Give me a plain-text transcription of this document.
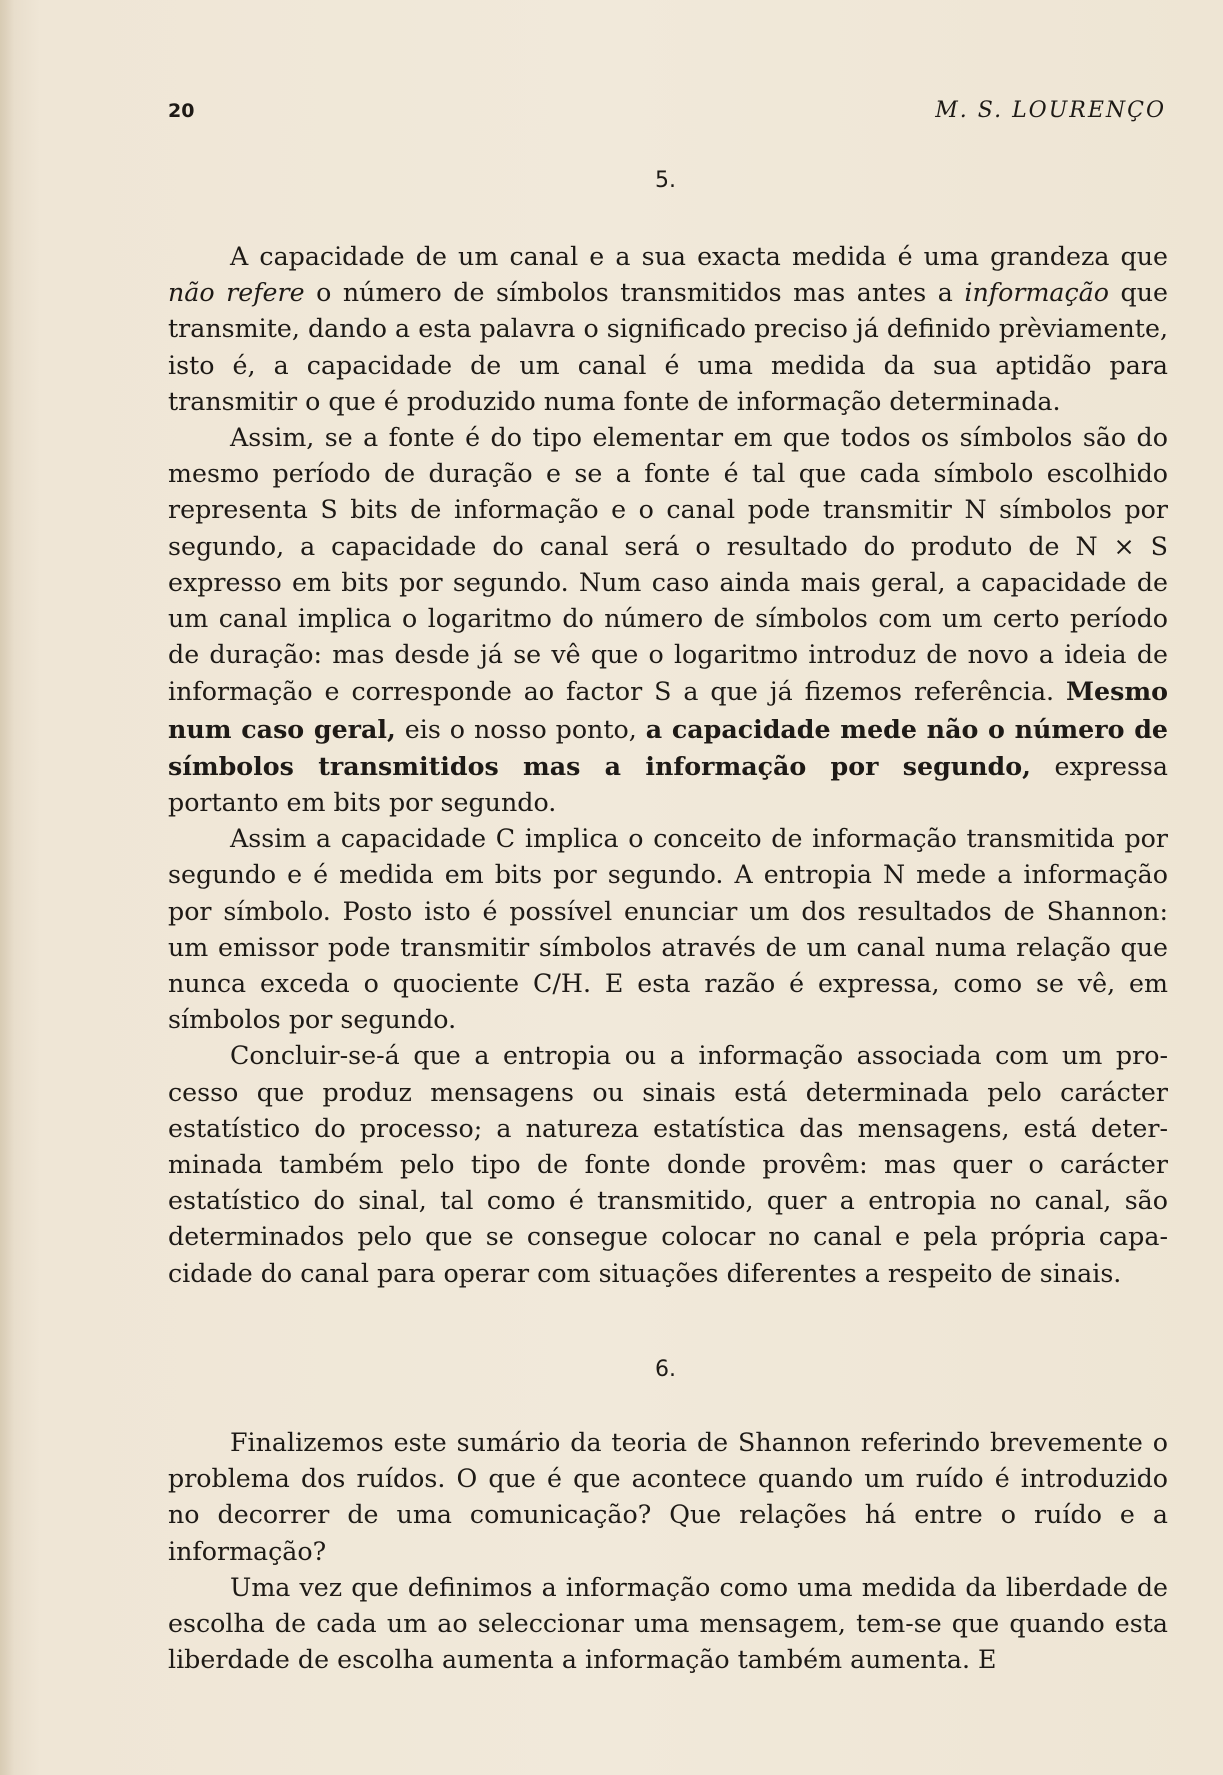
20	M. S. LOURENÇO
5.

A capacidade de um canal e a sua exacta medida é uma grandeza que não refere o número de símbolos transmitidos mas antes a informação que transmite, dando a esta palavra o significado preciso já definido prèviamente, isto é, a capacidade de um canal é uma medida da sua aptidão para transmitir o que é produzido numa fonte de informação determinada.

Assim, se a fonte é do tipo elementar em que todos os símbolos são do mesmo período de duração e se a fonte é tal que cada símbolo escolhido representa S bits de informação e o canal pode transmitir N símbolos por segundo, a capacidade do canal será o resultado do produto de N × S expresso em bits por segundo. Num caso ainda mais geral, a capacidade de um canal implica o logaritmo do número de símbolos com um certo período de duração: mas desde já se vê que o logaritmo introduz de novo a ideia de informação e corresponde ao factor S a que já fizemos referência. Mesmo num caso geral, eis o nosso ponto, a capacidade mede não o número de símbolos transmitidos mas a informação por segundo, expressa portanto em bits por segundo.

Assim a capacidade C implica o conceito de informação transmitida por segundo e é medida em bits por segundo. A entropia N mede a informação por símbolo. Posto isto é possível enunciar um dos resultados de Shannon: um emissor pode transmitir símbolos através de um canal numa relação que nunca exceda o quociente C/H. E esta razão é expressa, como se vê, em símbolos por segundo.

Concluir-se-á que a entropia ou a informação associada com um processo que produz mensagens ou sinais está determinada pelo carácter estatístico do processo; a natureza estatística das mensagens, está determinada também pelo tipo de fonte donde provêm: mas quer o carácter estatístico do sinal, tal como é transmitido, quer a entropia no canal, são determinados pelo que se consegue colocar no canal e pela própria capacidade do canal para operar com situações diferentes a respeito de sinais.

6.

Finalizemos este sumário da teoria de Shannon referindo brevemente o problema dos ruídos. O que é que acontece quando um ruído é introduzido no decorrer de uma comunicação? Que relações há entre o ruído e a informação?

Uma vez que definimos a informação como uma medida da liberdade de escolha de cada um ao seleccionar uma mensagem, tem-se que quando esta liberdade de escolha aumenta a informação também aumenta. E
